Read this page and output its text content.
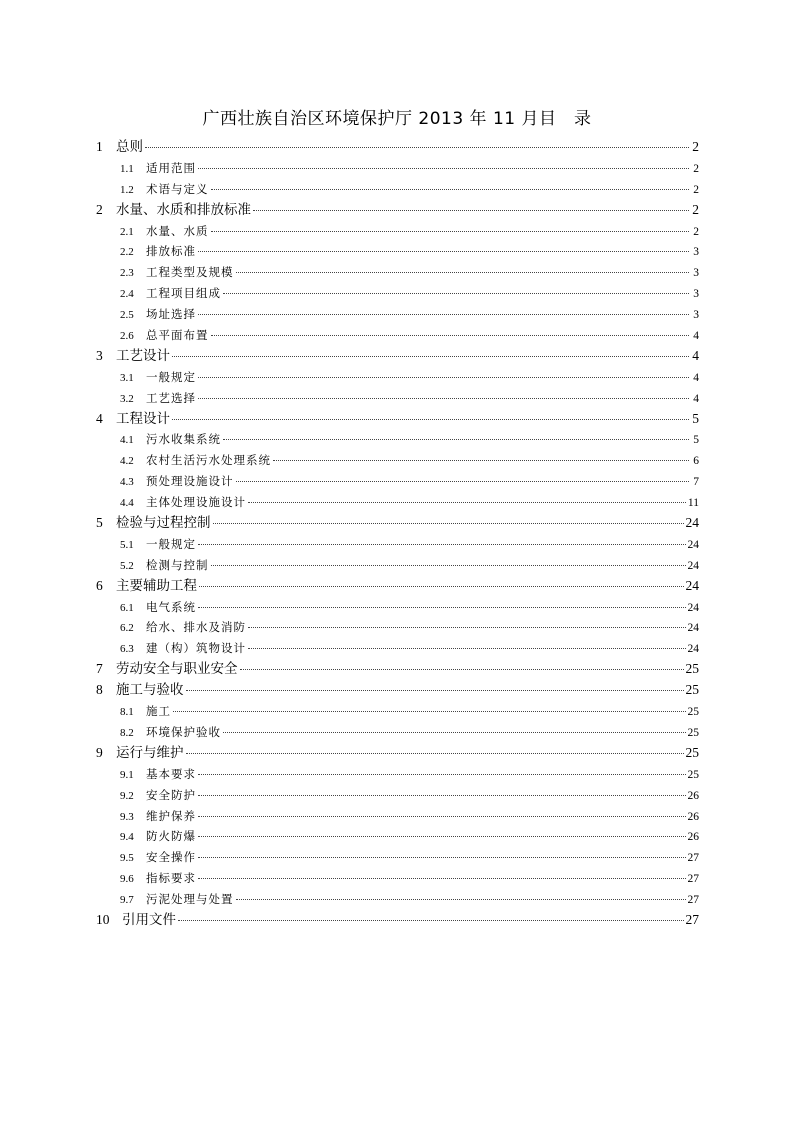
广西壮族自治区环境保护厅 2013 年 11 月目　录
1 总则	2
1.1	适用范围	2
1.2	术语与定义	2
2 水量、水质和排放标准	2
2.1	水量、水质	2
2.2	排放标准	3
2.3	工程类型及规模	3
2.4	工程项目组成	3
2.5	场址选择	3
2.6	总平面布置	4
3 工艺设计	4
3.1	一般规定	4
3.2	工艺选择	4
4 工程设计	5
4.1	污水收集系统	5
4.2	农村生活污水处理系统	6
4.3	预处理设施设计	7
4.4	主体处理设施设计	11
5 检验与过程控制	24
5.1	一般规定	24
5.2	检测与控制	24
6 主要辅助工程	24
6.1	电气系统	24
6.2	给水、排水及消防	24
6.3	建（构）筑物设计	24
7 劳动安全与职业安全	25
8 施工与验收	25
8.1	施工	25
8.2	环境保护验收	25
9 运行与维护	25
9.1	基本要求	25
9.2	安全防护	26
9.3	维护保养	26
9.4	防火防爆	26
9.5	安全操作	27
9.6	指标要求	27
9.7	污泥处理与处置	27
10 引用文件	27
